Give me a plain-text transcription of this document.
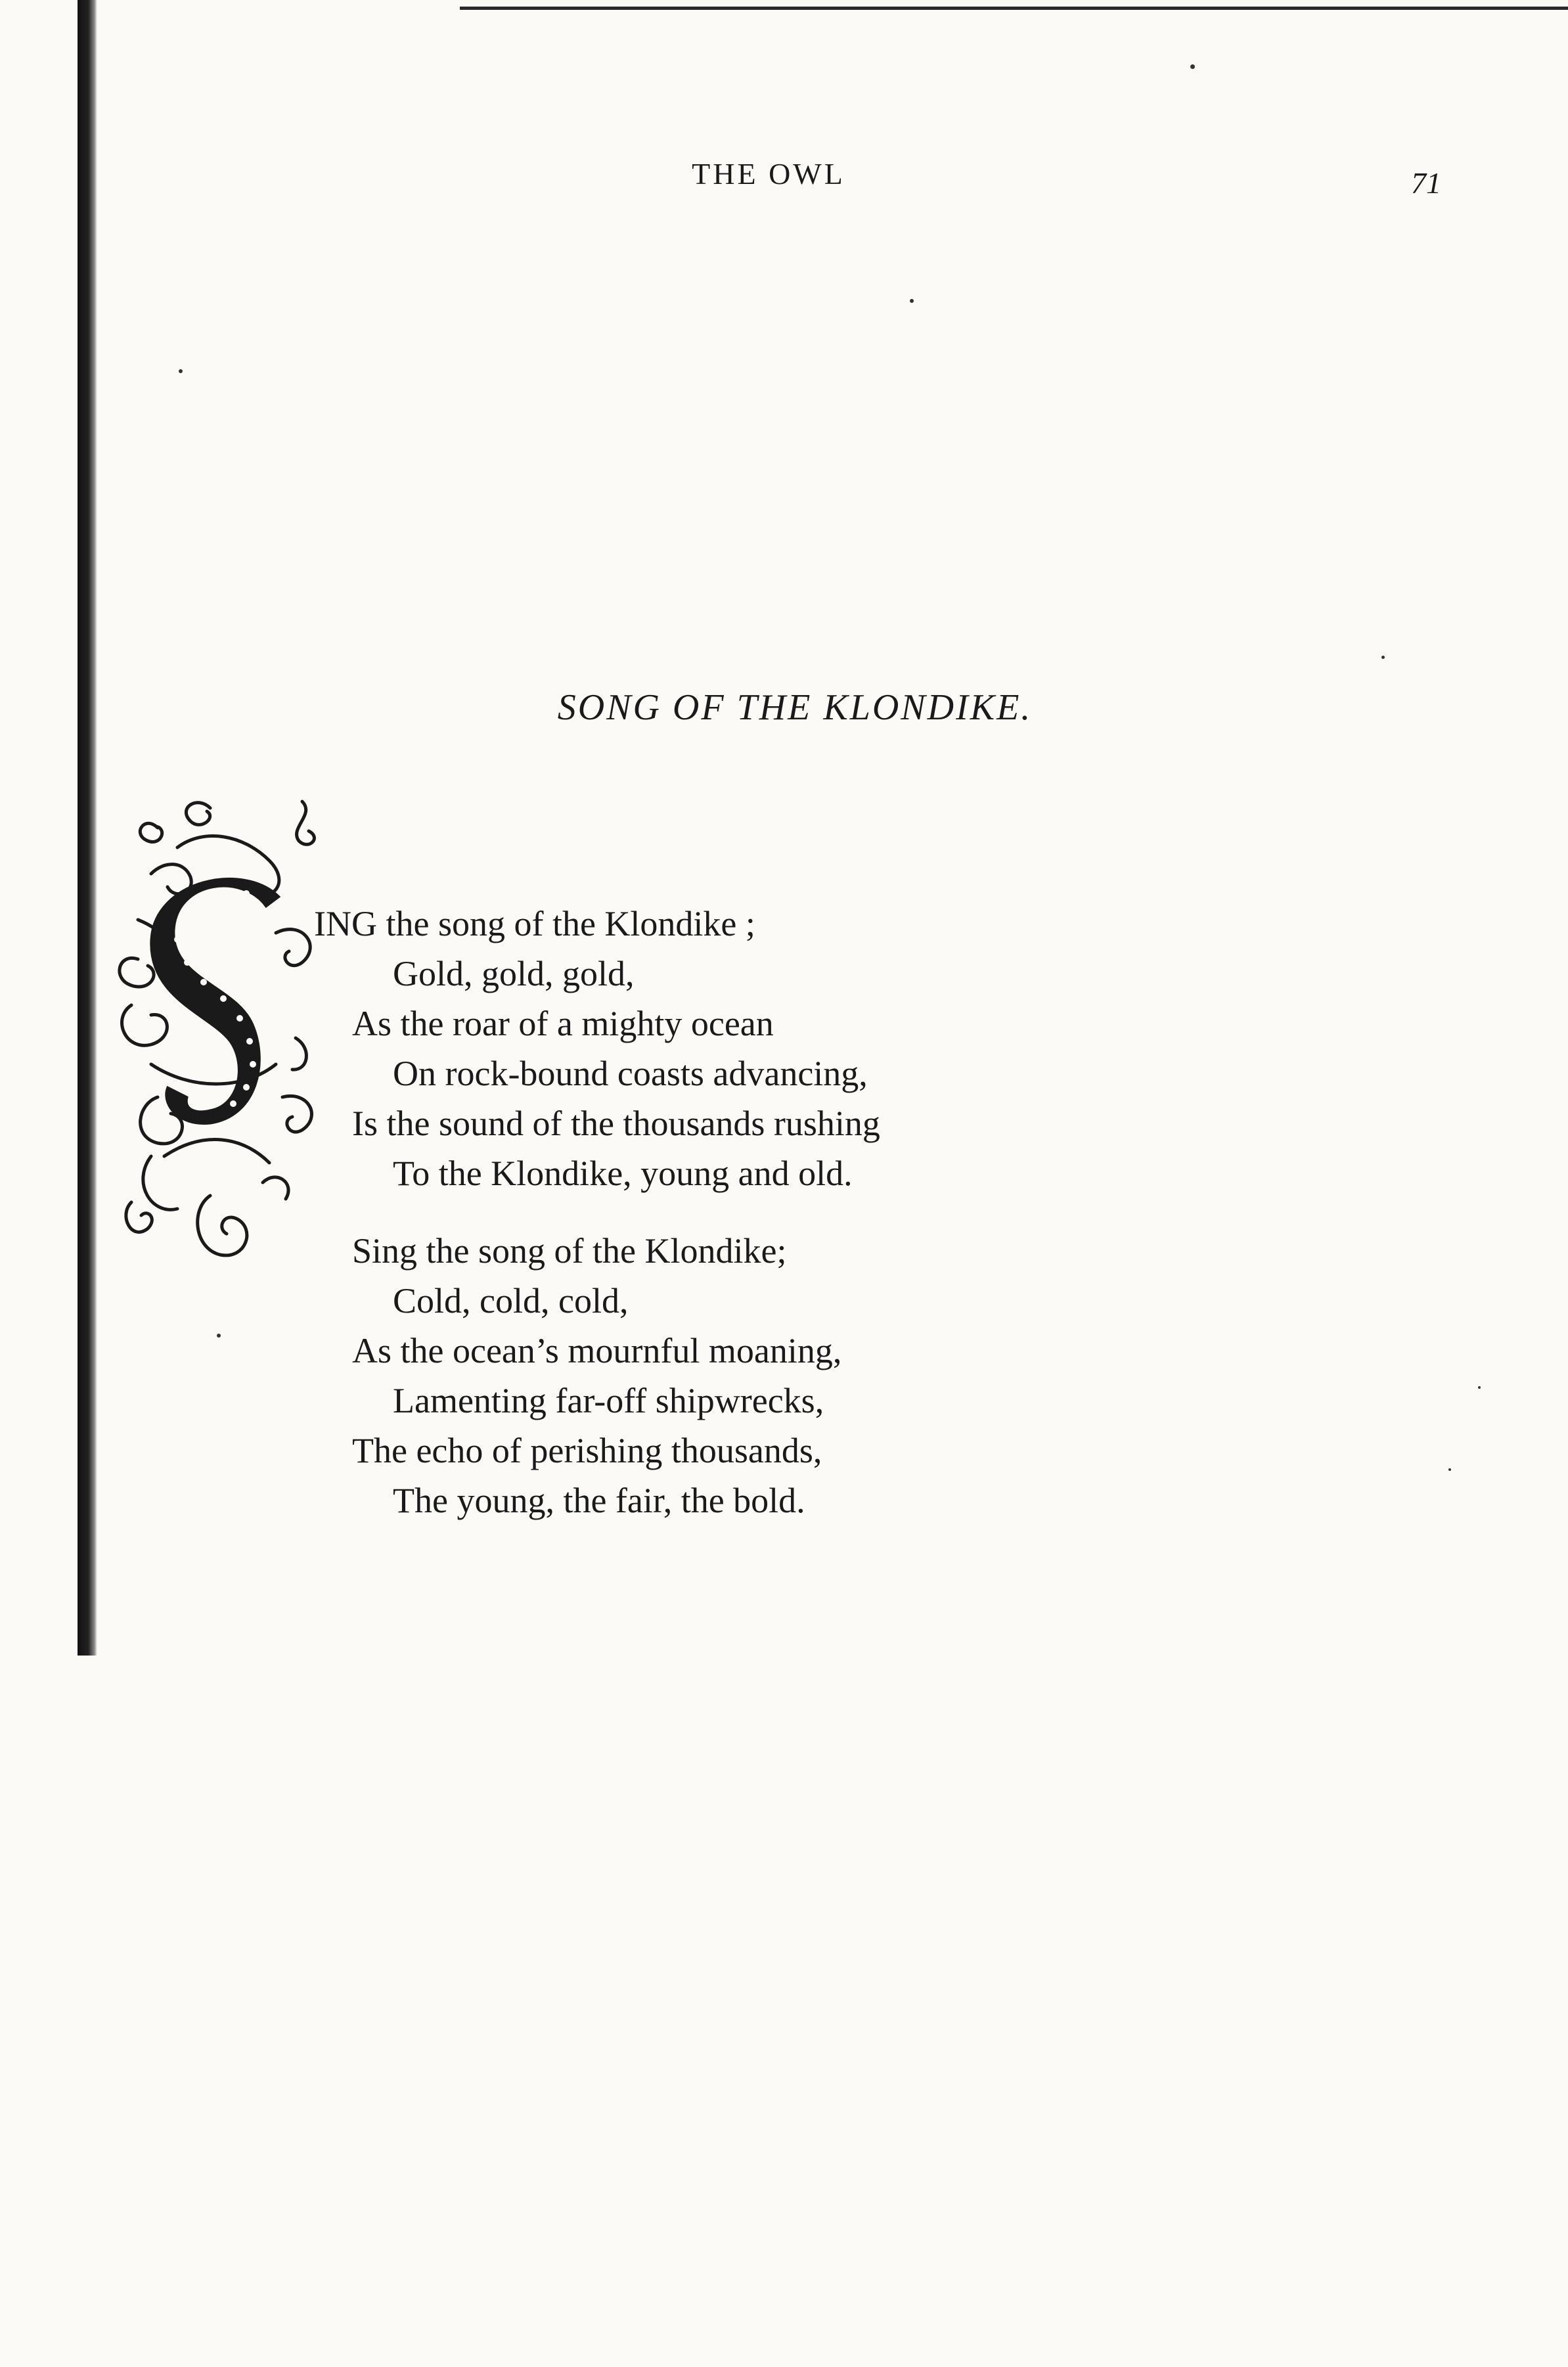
THE OWL	71
SONG OF THE KLONDIKE.
ING the song of the Klondike ;
Gold, gold, gold,
As the roar of a mighty ocean
On rock-bound coasts advancing,
Is the sound of the thousands rushing
To the Klondike, young and old.
Sing the song of the Klondike;
Cold, cold, cold,
As the ocean’s mournful moaning,
Lamenting far-off shipwrecks,
The echo of perishing thousands,
The young, the fair, the bold.
